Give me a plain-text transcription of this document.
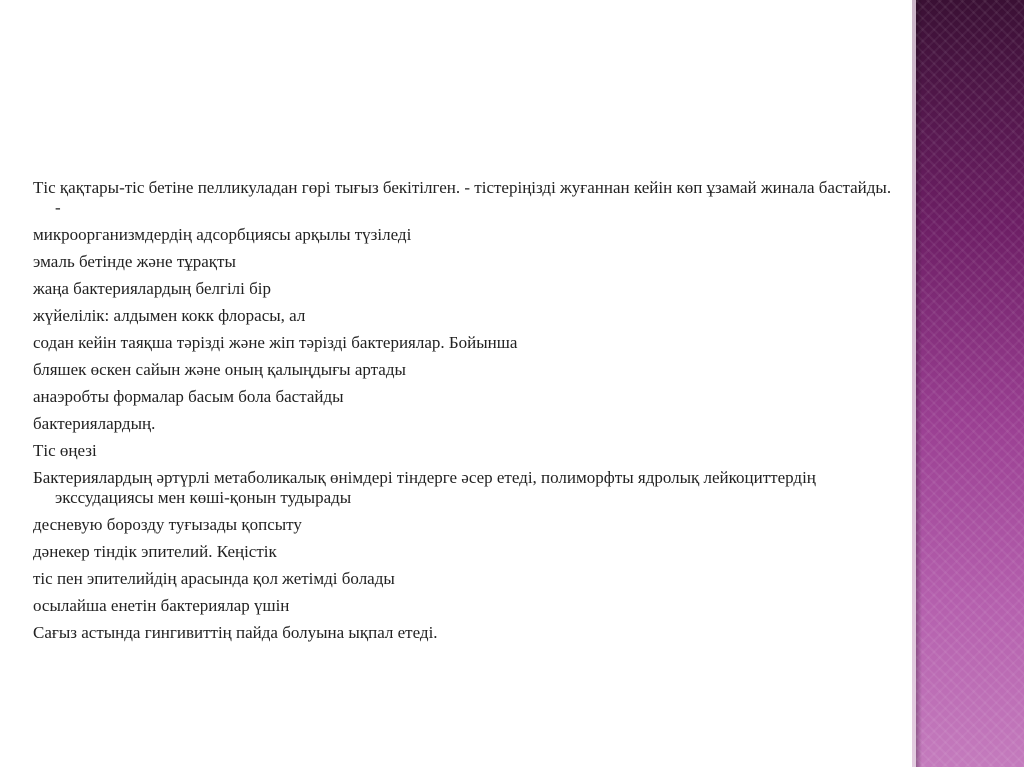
Тіс қақтары-тіс бетіне пелликуладан гөрі тығыз бекітілген. - тістеріңізді жуғаннан кейін көп ұзамай жинала бастайды. -

микроорганизмдердің адсорбциясы арқылы түзіледі

эмаль бетінде және тұрақты

жаңа бактериялардың белгілі бір

жүйелілік: алдымен кокк флорасы, ал

содан кейін таяқша тәрізді және жіп тәрізді бактериялар. Бойынша

бляшек өскен сайын және оның қалыңдығы артады

анаэробты формалар басым бола бастайды

бактериялардың.

Тіс өңезі

Бактериялардың әртүрлі метаболикалық өнімдері тіндерге әсер етеді, полиморфты ядролық лейкоциттердің экссудациясы мен көші-қонын тудырады

десневую борозду туғызады қопсыту

дәнекер тіндік эпителий. Кеңістік

тіс пен эпителийдің арасында қол жетімді болады

осылайша енетін бактериялар үшін

Сағыз астында гингивиттің пайда болуына ықпал етеді.
